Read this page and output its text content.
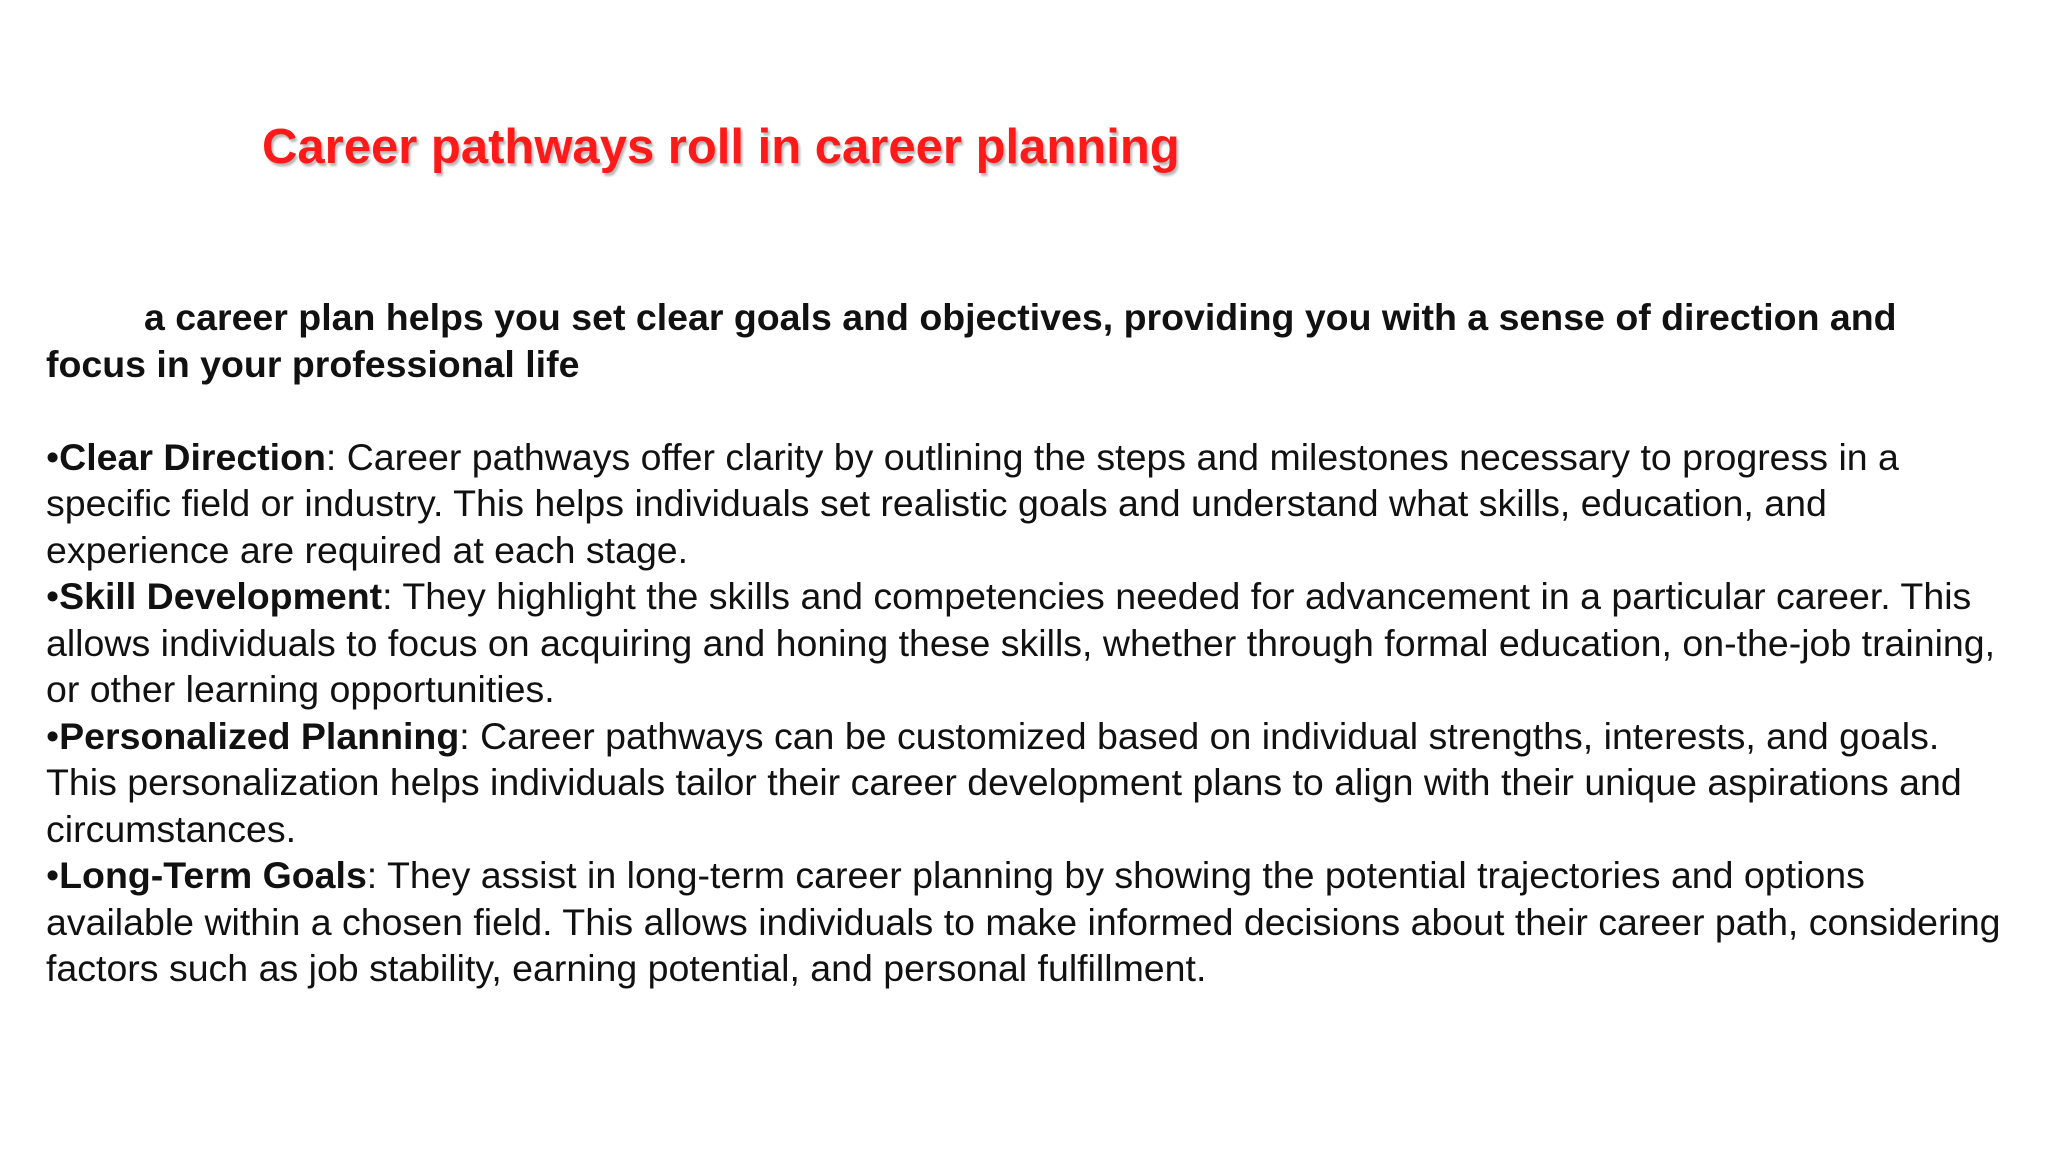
Career pathways roll in career planning

a career plan helps you set clear goals and objectives, providing you with a sense of direction and focus in your professional life

•Clear Direction: Career pathways offer clarity by outlining the steps and milestones necessary to progress in a specific field or industry. This helps individuals set realistic goals and understand what skills, education, and experience are required at each stage.

•Skill Development: They highlight the skills and competencies needed for advancement in a particular career. This allows individuals to focus on acquiring and honing these skills, whether through formal education, on-the-job training, or other learning opportunities.

•Personalized Planning: Career pathways can be customized based on individual strengths, interests, and goals. This personalization helps individuals tailor their career development plans to align with their unique aspirations and circumstances.

•Long-Term Goals: They assist in long-term career planning by showing the potential trajectories and options available within a chosen field. This allows individuals to make informed decisions about their career path, considering factors such as job stability, earning potential, and personal fulfillment.
